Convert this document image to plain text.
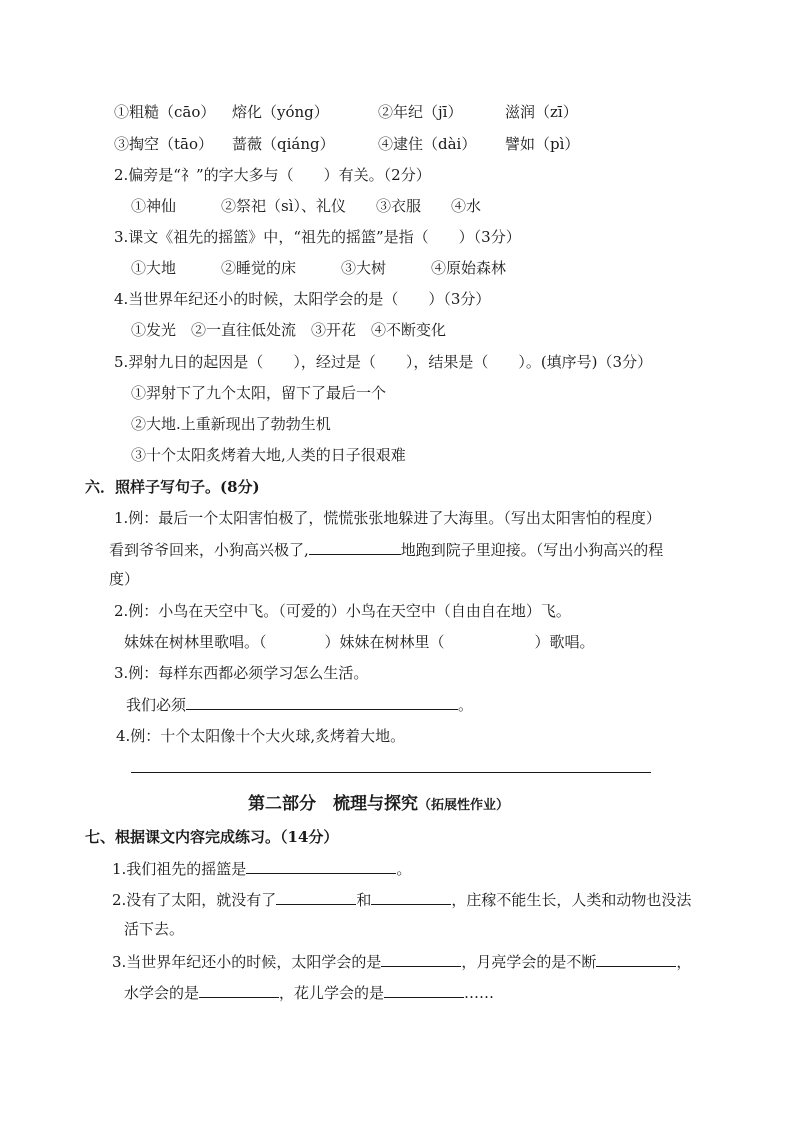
①粗糙（cāo） 熔化（yóng）	②年纪（jī）	滋润（zī）
③掏空（tāo） 蔷薇（qiáng）	④逮住（dài） 譬如（pì）
2.偏旁是“礻”的字大多与（　　）有关。（2分）
①神仙　　　②祭祀（sì）、礼仪　　③衣服　　④水
3.课文《祖先的摇篮》中，“祖先的摇篮”是指（　　）（3分）
①大地　　　②睡觉的床　　　③大树　　　④原始森林
4.当世界年纪还小的时候，太阳学会的是（　　）（3分）
①发光　②一直往低处流　③开花　④不断变化
5.羿射九日的起因是（　　），经过是（　　），结果是（　　）。(填序号)（3分）
①羿射下了九个太阳，留下了最后一个
②大地.上重新现出了勃勃生机
③十个太阳炙烤着大地,人类的日子很艰难
六．照样子写句子。(8分)
1.例：最后一个太阳害怕极了，慌慌张张地躲进了大海里。（写出太阳害怕的程度）
看到爷爷回来，小狗高兴极了,	地跑到院子里迎接。（写出小狗高兴的程
度）
2.例：小鸟在天空中飞。（可爱的）小鸟在天空中（自由自在地）飞。
妹妹在树林里歌唱。（	）妹妹在树林里（	）歌唱。
3.例：每样东西都必须学习怎么生活。
我们必须	。
4.例：十个太阳像十个大火球,炙烤着大地。
第二部分　梳理与探究（拓展性作业）
七、根据课文内容完成练习。（14分）
1.我们祖先的摇篮是	。
2.没有了太阳，就没有了	和	，庄稼不能生长，人类和动物也没法
活下去。
3.当世界年纪还小的时候，太阳学会的是	，月亮学会的是不断	，
水学会的是	，花儿学会的是	……
